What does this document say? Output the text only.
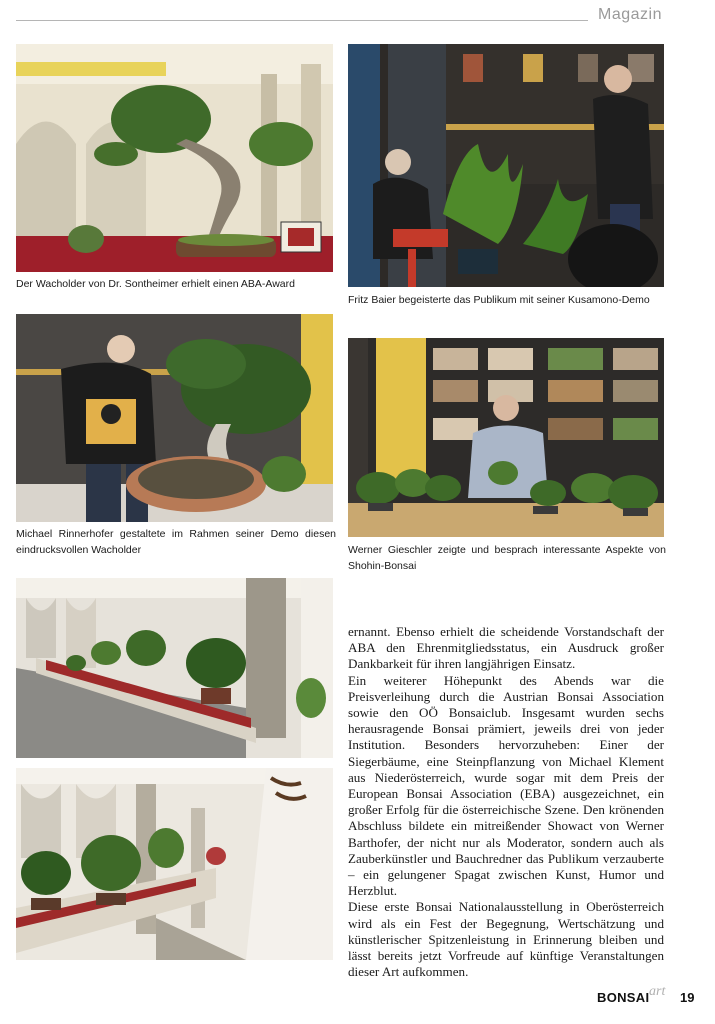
Magazin
Der Wacholder von Dr. Sontheimer erhielt einen ABA-Award
Fritz Baier begeisterte das Publikum mit seiner Kusamono-Demo
Michael Rinnerhofer gestaltete im Rahmen seiner Demo diesen eindrucksvollen Wacholder	Werner Gieschler zeigte und besprach interessante Aspekte von Shohin-Bonsai

ernannt. Ebenso erhielt die scheidende Vorstandschaft der ABA den Ehrenmitgliedsstatus, ein Ausdruck großer Dankbarkeit für ihren langjährigen Einsatz.

Ein weiterer Höhepunkt des Abends war die Preisverleihung durch die Austrian Bonsai Association sowie den OÖ Bonsaiclub. Insgesamt wurden sechs herausragende Bonsai prämiert, jeweils drei von jeder Institution. Besonders hervorzuheben: Einer der Siegerbäume, eine Steinpflanzung von Michael Klement aus Niederösterreich, wurde sogar mit dem Preis der European Bonsai Association (EBA) ausgezeichnet, ein großer Erfolg für die österreichische Szene. Den krönenden Abschluss bildete ein mitreißender Showact von Werner Barthofer, der nicht nur als Moderator, sondern auch als Zauberkünstler und Bauchredner das Publikum verzauberte – ein gelungener Spagat zwischen Kunst, Humor und Herzblut.

Diese erste Bonsai Nationalausstellung in Oberösterreich wird als ein Fest der Begegnung, Wertschätzung und künstlerischer Spitzenleistung in Erinnerung bleiben und lässt bereits jetzt Vorfreude auf künftige Veranstaltungen dieser Art aufkommen.

BONSAI art 19
